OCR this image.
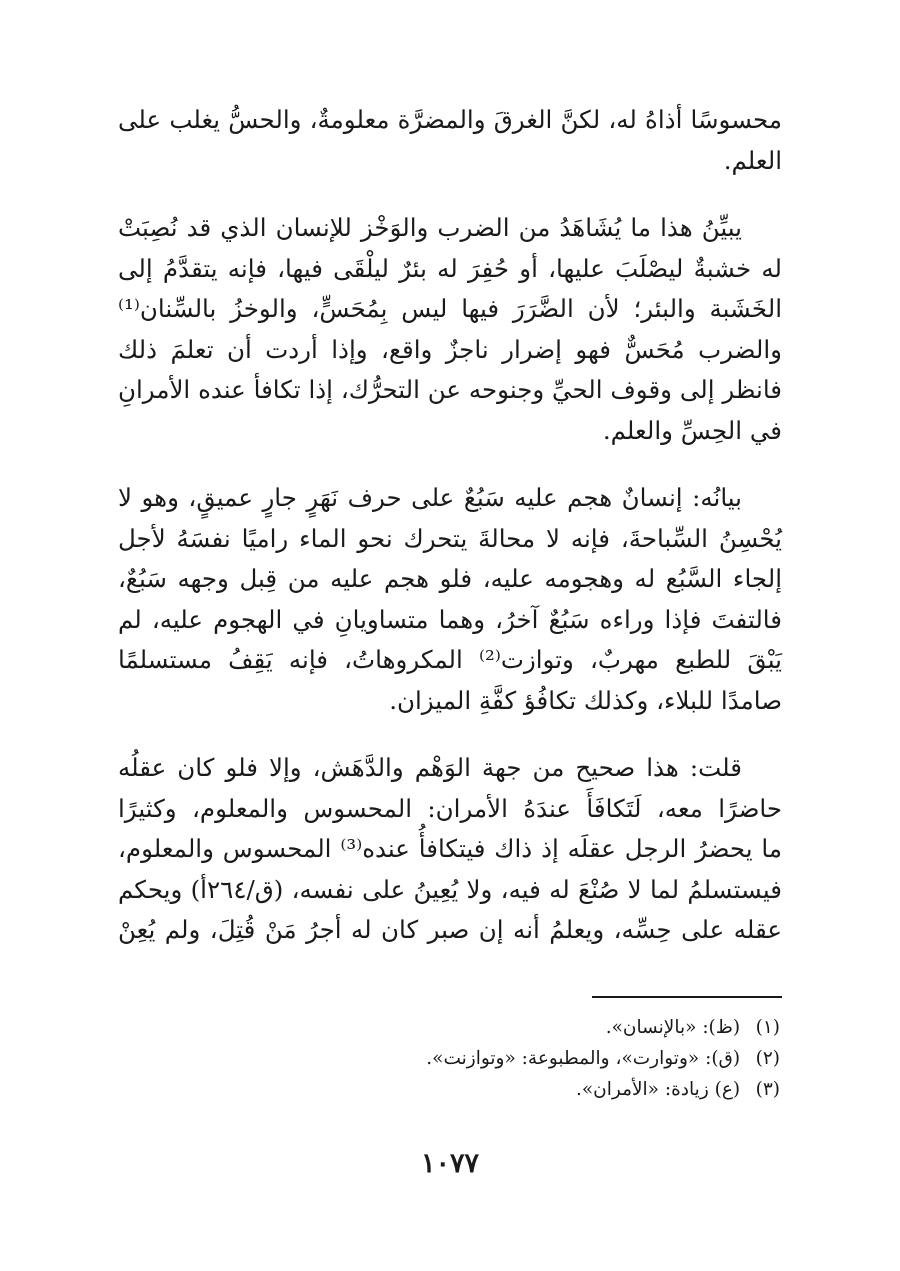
محسوسًا أذاهُ له، لكنَّ الغرقَ والمضرَّة معلومةٌ، والحسُّ يغلب على
العلم.
يبيِّنُ هذا ما يُشَاهَدُ من الضرب والوَخْز للإنسان الذي قد نُصِبَتْ
له خشبةٌ ليصْلَبَ عليها، أو حُفِرَ له بئرٌ ليلْقَى فيها، فإنه يتقدَّمُ إلى
الخَشَبة والبئر؛ لأن الضَّرَرَ فيها ليس بِمُحَسٍّ، والوخزُ بالسِّنان⁽¹⁾
والضرب مُحَسٌّ فهو إضرار ناجزٌ واقع، وإذا أردت أن تعلمَ ذلك
فانظر إلى وقوف الحيِّ وجنوحه عن التحرُّك، إذا تكافأ عنده الأمرانِ
في الحِسِّ والعلم.
بيانُه: إنسانٌ هجم عليه سَبُعٌ على حرف نَهَرٍ جارٍ عميقٍ، وهو لا
يُحْسِنُ السِّباحةَ، فإنه لا محالةَ يتحرك نحو الماء راميًا نفسَهُ لأجل
إلجاء السَّبُع له وهجومه عليه، فلو هجم عليه من قِبل وجهه سَبُعٌ،
فالتفتَ فإذا وراءه سَبُعٌ آخرُ، وهما متساويانِ في الهجوم عليه، لم
يَبْقَ للطبع مهربٌ، وتوازت⁽²⁾ المكروهاتُ، فإنه يَقِفُ مستسلمًا
صامدًا للبلاء، وكذلك تكافُؤ كفَّةِ الميزان.
قلت: هذا صحيح من جهة الوَهْم والدَّهَش، وإلا فلو كان عقلُه
حاضرًا معه، لَتَكافَأَ عندَهُ الأمران: المحسوس والمعلوم، وكثيرًا
ما يحضرُ الرجل عقلَه إذ ذاك فيتكافأُ عنده⁽³⁾ المحسوس والمعلوم،
فيستسلمُ لما لا صُنْعَ له فيه، ولا يُعِينُ على نفسه، (ق/٢٦٤أ) ويحكم
عقله على حِسِّه، ويعلمُ أنه إن صبر كان له أجرُ مَنْ قُتِلَ، ولم يُعِنْ
(١) (ظ): «بالإنسان».
(٢) (ق): «وتوارت»، والمطبوعة: «وتوازنت».
(٣) (ع) زيادة: «الأمران».
١٠٧٧
